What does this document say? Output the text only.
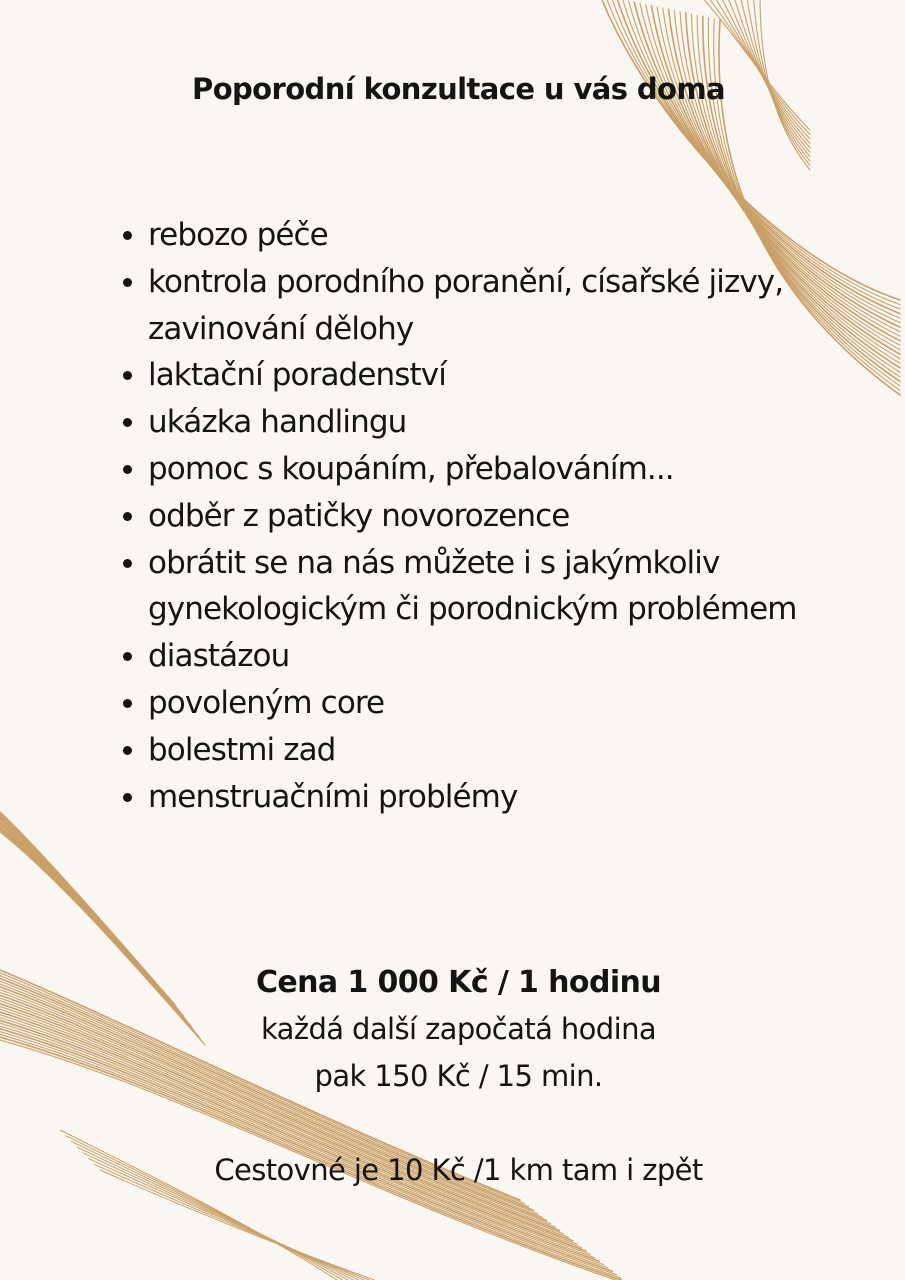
Poporodní konzultace u vás doma
• rebozo péče
• kontrola porodního poranění, císařské jizvy, zavinování dělohy
• laktační poradenství
• ukázka handlingu
• pomoc s koupáním, přebalováním...
• odběr z patičky novorozence
• obrátit se na nás můžete i s jakýmkoliv gynekologickým či porodnickým problémem
• diastázou
• povoleným core
• bolestmi zad
• menstruačními problémy
Cena 1 000 Kč / 1 hodinu
každá další započatá hodina
pak 150 Kč / 15 min.
Cestovné je 10 Kč /1 km tam i zpět
